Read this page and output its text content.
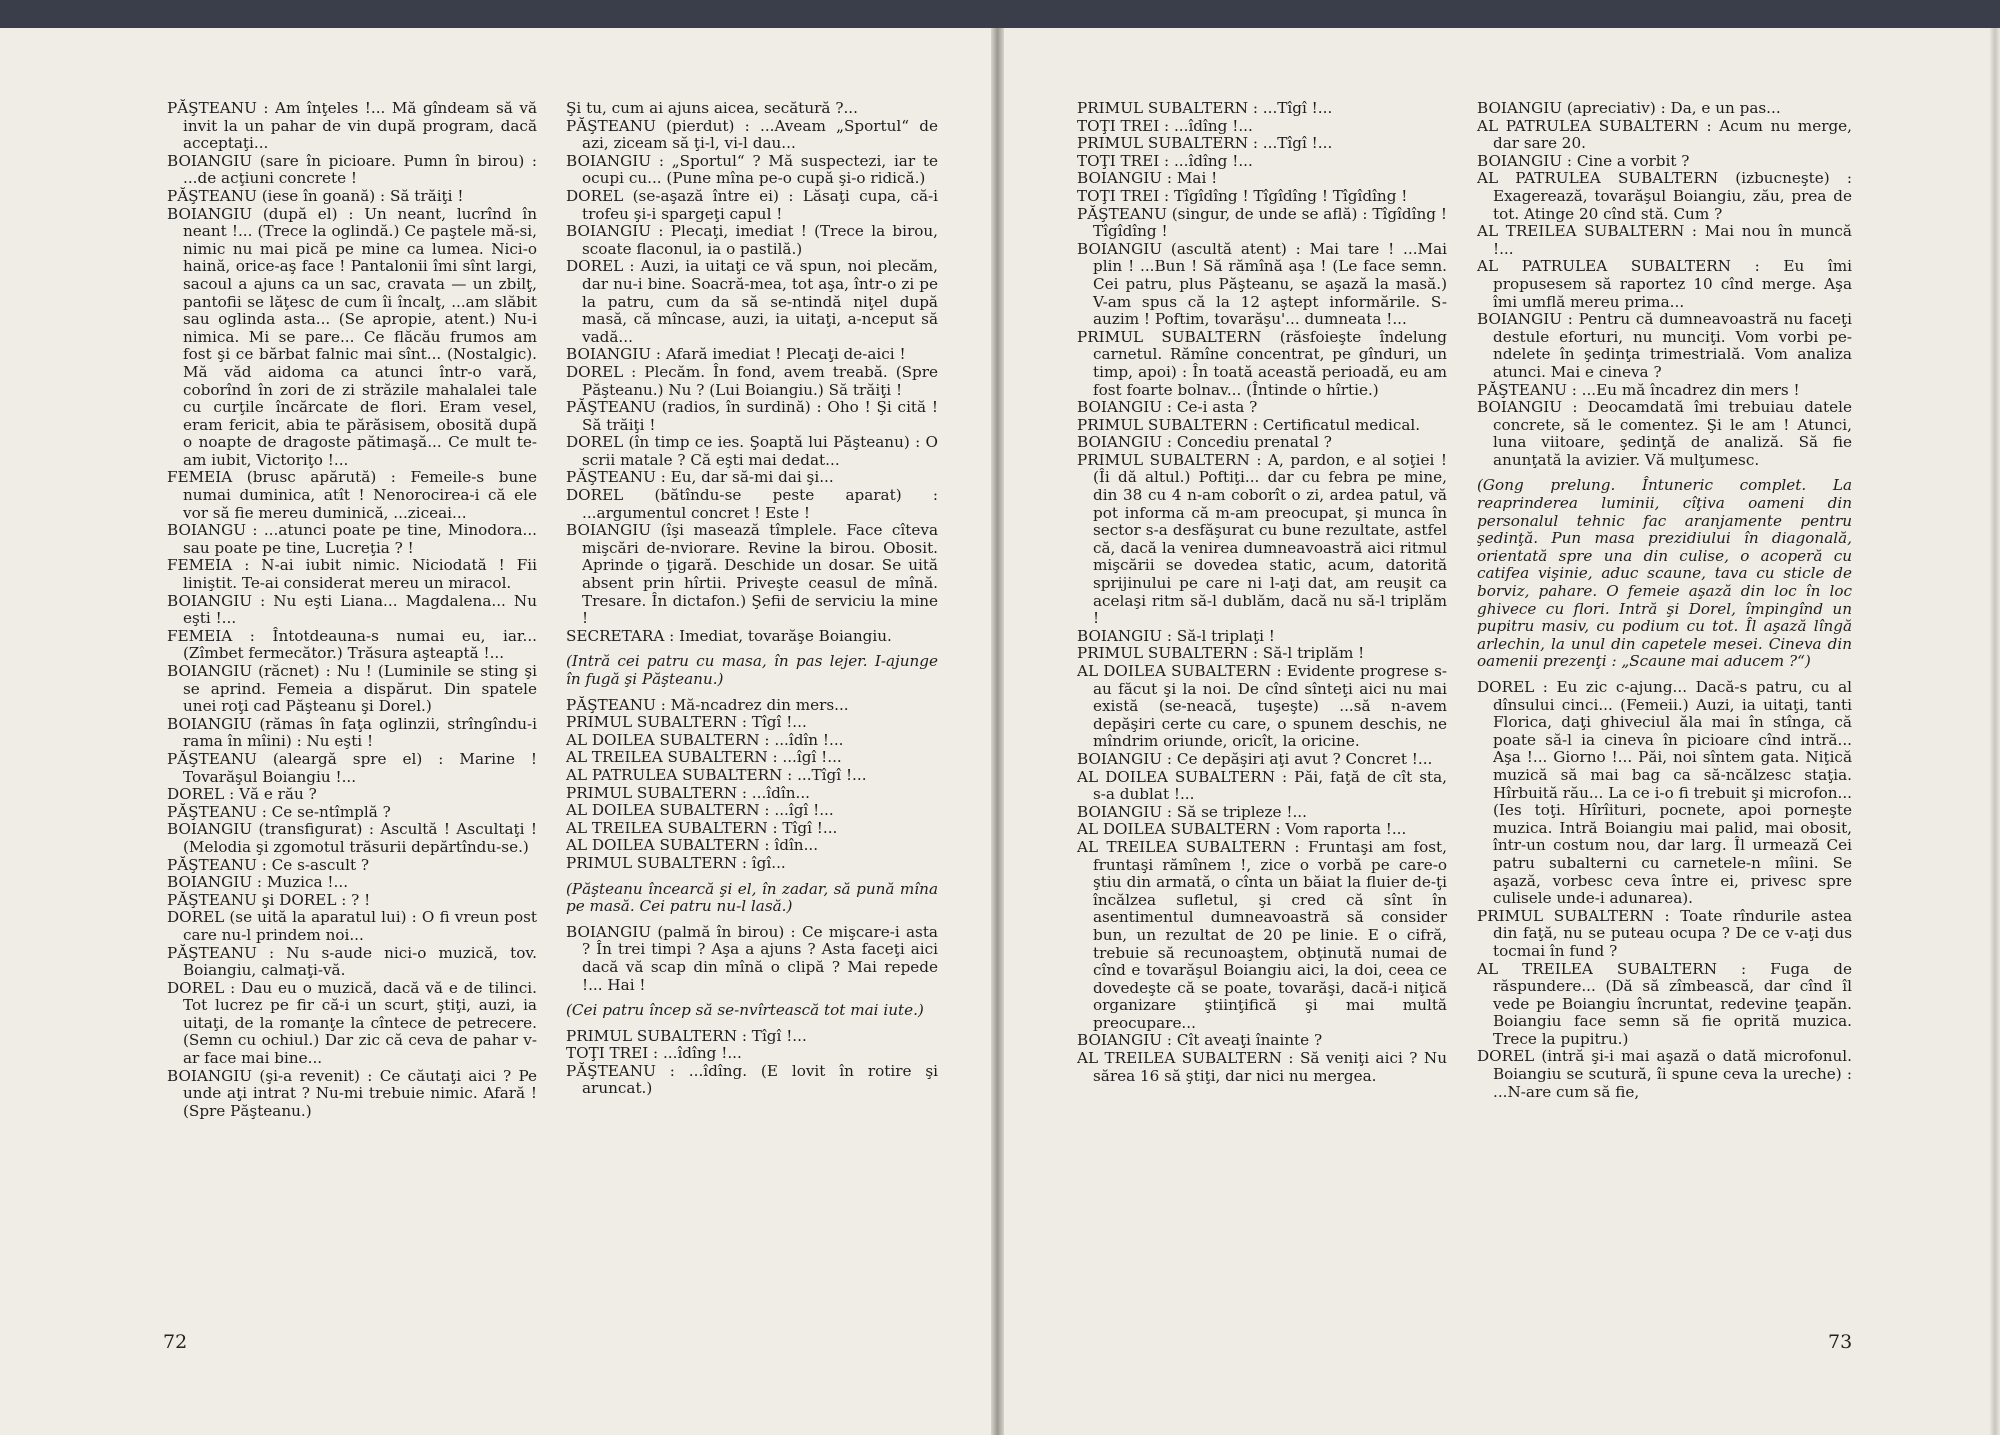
PĂŞTEANU : Am înţeles !... Mă gîndeam să vă invit la un pahar de vin după program, dacă acceptaţi...

BOIANGIU (sare în picioare. Pumn în birou) : ...de acţiuni concrete !

PĂŞTEANU (iese în goană) : Să trăiţi !

BOIANGIU (după el) : Un neant, lucrînd în neant !... (Trece la oglindă.) Ce paştele mă-si, nimic nu mai pică pe mine ca lumea. Nici-o haină, orice-aş face ! Pantalonii îmi sînt largi, sacoul a ajuns ca un sac, cravata — un zbilţ, pantofii se lăţesc de cum îi încalţ, ...am slăbit sau oglinda asta... (Se apropie, atent.) Nu-i nimica. Mi se pare... Ce flăcău frumos am fost şi ce bărbat falnic mai sînt... (Nostalgic). Mă văd aidoma ca atunci într-o vară, coborînd în zori de zi străzile mahalalei tale cu curţile încărcate de flori. Eram vesel, eram fericit, abia te părăsisem, obosită după o noapte de dragoste pătimaşă... Ce mult te-am iubit, Victoriţo !...

FEMEIA (brusc apărută) : Femeile-s bune numai duminica, atît ! Nenorocirea-i că ele vor să fie mereu duminică, ...ziceai...

BOIANGU : ...atunci poate pe tine, Minodora... sau poate pe tine, Lucreţia ? !

FEMEIA : N-ai iubit nimic. Niciodată ! Fii liniştit. Te-ai considerat mereu un miracol.

BOIANGIU : Nu eşti Liana... Magdalena... Nu eşti !...

FEMEIA : Întotdeauna-s numai eu, iar... (Zîmbet fermecător.) Trăsura aşteaptă !...

BOIANGIU (răcnet) : Nu ! (Luminile se sting şi se aprind. Femeia a dispărut. Din spatele unei roţi cad Păşteanu şi Dorel.)

BOIANGIU (rămas în faţa oglinzii, strîngîndu-i rama în mîini) : Nu eşti !

PĂŞTEANU (aleargă spre el) : Marine ! Tovarăşul Boiangiu !...

DOREL : Vă e rău ?

PĂŞTEANU : Ce se-ntîmplă ?

BOIANGIU (transfigurat) : Ascultă ! Ascultaţi ! (Melodia şi zgomotul trăsurii depărtîndu-se.)

PĂŞTEANU : Ce s-ascult ?

BOIANGIU : Muzica !...

PĂŞTEANU şi DOREL : ? !

DOREL (se uită la aparatul lui) : O fi vreun post care nu-l prindem noi...

PĂŞTEANU : Nu s-aude nici-o muzică, tov. Boiangiu, calmaţi-vă.

DOREL : Dau eu o muzică, dacă vă e de tilinci. Tot lucrez pe fir că-i un scurt, ştiţi, auzi, ia uitaţi, de la romanţe la cîntece de petrecere. (Semn cu ochiul.) Dar zic că ceva de pahar v-ar face mai bine...

BOIANGIU (şi-a revenit) : Ce căutaţi aici ? Pe unde aţi intrat ? Nu-mi trebuie nimic. Afară ! (Spre Păşteanu.)

Şi tu, cum ai ajuns aicea, secătură ?...

PĂŞTEANU (pierdut) : ...Aveam „Sportul“ de azi, ziceam să ţi-l, vi-l dau...

BOIANGIU : „Sportul“ ? Mă suspectezi, iar te ocupi cu... (Pune mîna pe-o cupă şi-o ridică.)

DOREL (se-aşază între ei) : Lăsaţi cupa, că-i trofeu şi-i spargeţi capul !

BOIANGIU : Plecaţi, imediat ! (Trece la birou, scoate flaconul, ia o pastilă.)

DOREL : Auzi, ia uitaţi ce vă spun, noi plecăm, dar nu-i bine. Soacră-mea, tot aşa, într-o zi pe la patru, cum da să se-ntindă niţel după masă, că mîncase, auzi, ia uitaţi, a-nceput să vadă...

BOIANGIU : Afară imediat ! Plecaţi de-aici !

DOREL : Plecăm. În fond, avem treabă. (Spre Păşteanu.) Nu ? (Lui Boiangiu.) Să trăiţi !

PĂŞTEANU (radios, în surdină) : Oho ! Şi cită ! Să trăiţi !

DOREL (în timp ce ies. Şoaptă lui Păşteanu) : O scrii matale ? Că eşti mai dedat...

PĂŞTEANU : Eu, dar să-mi dai şi...

DOREL (bătîndu-se peste aparat) : ...argumentul concret ! Este !

BOIANGIU (îşi masează tîmplele. Face cîteva mişcări de-nviorare. Revine la birou. Obosit. Aprinde o ţigară. Deschide un dosar. Se uită absent prin hîrtii. Priveşte ceasul de mînă. Tresare. În dictafon.) Şefii de serviciu la mine !

SECRETARA : Imediat, tovarăşe Boiangiu.

(Intră cei patru cu masa, în pas lejer. I-ajunge în fugă şi Păşteanu.)

PĂŞTEANU : Mă-ncadrez din mers...

PRIMUL SUBALTERN : Tîgî !...

AL DOILEA SUBALTERN : ...îdîn !...

AL TREILEA SUBALTERN : ...îgî !...

AL PATRULEA SUBALTERN : ...Tîgî !...

PRIMUL SUBALTERN : ...îdîn...

AL DOILEA SUBALTERN : ...îgî !...

AL TREILEA SUBALTERN : Tîgî !...

AL DOILEA SUBALTERN : îdîn...

PRIMUL SUBALTERN : îgî...

(Păşteanu încearcă şi el, în zadar, să pună mîna pe masă. Cei patru nu-l lasă.)

BOIANGIU (palmă în birou) : Ce mişcare-i asta ? În trei timpi ? Aşa a ajuns ? Asta faceţi aici dacă vă scap din mînă o clipă ? Mai repede !... Hai !

(Cei patru încep să se-nvîrtească tot mai iute.)

PRIMUL SUBALTERN : Tîgî !...

TOŢI TREI : ...îdîng !...

PĂŞTEANU : ...îdîng. (E lovit în rotire şi aruncat.)

72

PRIMUL SUBALTERN : ...Tîgî !...

TOŢI TREI : ...îdîng !...

PRIMUL SUBALTERN : ...Tîgî !...

TOŢI TREI : ...îdîng !...

BOIANGIU : Mai !

TOŢI TREI : Tîgîdîng ! Tîgîdîng ! Tîgîdîng !

PĂŞTEANU (singur, de unde se află) : Tîgîdîng ! Tîgîdîng !

BOIANGIU (ascultă atent) : Mai tare ! ...Mai plin ! ...Bun ! Să rămînă aşa ! (Le face semn. Cei patru, plus Păşteanu, se aşază la masă.) V-am spus că la 12 aştept informările. S-auzim ! Poftim, tovarăşu'... dumneata !...

PRIMUL SUBALTERN (răsfoieşte îndelung carnetul. Rămîne concentrat, pe gînduri, un timp, apoi) : În toată această perioadă, eu am fost foarte bolnav... (Întinde o hîrtie.)

BOIANGIU : Ce-i asta ?

PRIMUL SUBALTERN : Certificatul medical.

BOIANGIU : Concediu prenatal ?

PRIMUL SUBALTERN : A, pardon, e al soţiei ! (Îi dă altul.) Poftiţi... dar cu febra pe mine, din 38 cu 4 n-am coborît o zi, ardea patul, vă pot informa că m-am preocupat, şi munca în sector s-a desfăşurat cu bune rezultate, astfel că, dacă la venirea dumneavoastră aici ritmul mişcării se dovedea static, acum, datorită sprijinului pe care ni l-aţi dat, am reuşit ca acelaşi ritm să-l dublăm, dacă nu să-l triplăm !

BOIANGIU : Să-l triplaţi !

PRIMUL SUBALTERN : Să-l triplăm !

AL DOILEA SUBALTERN : Evidente progrese s-au făcut şi la noi. De cînd sînteţi aici nu mai există (se-neacă, tuşeşte) ...să n-avem depăşiri certe cu care, o spunem deschis, ne mîndrim oriunde, oricît, la oricine.

BOIANGIU : Ce depăşiri aţi avut ? Concret !...

AL DOILEA SUBALTERN : Păi, faţă de cît sta, s-a dublat !...

BOIANGIU : Să se tripleze !...

AL DOILEA SUBALTERN : Vom raporta !...

AL TREILEA SUBALTERN : Fruntaşi am fost, fruntaşi rămînem !, zice o vorbă pe care-o ştiu din armată, o cînta un băiat la fluier de-ţi încălzea sufletul, şi cred că sînt în asentimentul dumneavoastră să consider bun, un rezultat de 20 pe linie. E o cifră, trebuie să recunoaştem, obţinută numai de cînd e tovarăşul Boiangiu aici, la doi, ceea ce dovedeşte că se poate, tovarăşi, dacă-i niţică organizare ştiinţifică şi mai multă preocupare...

BOIANGIU : Cît aveaţi înainte ?

AL TREILEA SUBALTERN : Să veniţi aici ? Nu sărea 16 să ştiţi, dar nici nu mergea.

BOIANGIU (apreciativ) : Da, e un pas...

AL PATRULEA SUBALTERN : Acum nu merge, dar sare 20.

BOIANGIU : Cine a vorbit ?

AL PATRULEA SUBALTERN (izbucneşte) : Exagerează, tovarăşul Boiangiu, zău, prea de tot. Atinge 20 cînd stă. Cum ?

AL TREILEA SUBALTERN : Mai nou în muncă !...

AL PATRULEA SUBALTERN : Eu îmi propusesem să raportez 10 cînd merge. Aşa îmi umflă mereu prima...

BOIANGIU : Pentru că dumneavoastră nu faceţi destule eforturi, nu munciţi. Vom vorbi pe-ndelete în şedinţa trimestrială. Vom analiza atunci. Mai e cineva ?

PĂŞTEANU : ...Eu mă încadrez din mers !

BOIANGIU : Deocamdată îmi trebuiau datele concrete, să le comentez. Şi le am ! Atunci, luna viitoare, şedinţă de analiză. Să fie anunţată la avizier. Vă mulţumesc.

(Gong prelung. Întuneric complet. La reaprinderea luminii, cîţiva oameni din personalul tehnic fac aranjamente pentru şedinţă. Pun masa prezidiului în diagonală, orientată spre una din culise, o acoperă cu catifea vişinie, aduc scaune, tava cu sticle de borviz, pahare. O femeie aşază din loc în loc ghivece cu flori. Intră şi Dorel, împingînd un pupitru masiv, cu podium cu tot. Îl aşază lîngă arlechin, la unul din capetele mesei. Cineva din oamenii prezenţi : „Scaune mai aducem ?“)

DOREL : Eu zic c-ajung... Dacă-s patru, cu al dînsului cinci... (Femeii.) Auzi, ia uitaţi, tanti Florica, daţi ghiveciul ăla mai în stînga, că poate să-l ia cineva în picioare cînd intră... Aşa !... Giorno !... Păi, noi sîntem gata. Niţică muzică să mai bag ca să-ncălzesc staţia. Hîrbuită rău... La ce i-o fi trebuit şi microfon... (Ies toţi. Hîrîituri, pocnete, apoi porneşte muzica. Intră Boiangiu mai palid, mai obosit, într-un costum nou, dar larg. Îl urmează Cei patru subalterni cu carnetele-n mîini. Se aşază, vorbesc ceva între ei, privesc spre culisele unde-i adunarea).

PRIMUL SUBALTERN : Toate rîndurile astea din faţă, nu se puteau ocupa ? De ce v-aţi dus tocmai în fund ?

AL TREILEA SUBALTERN : Fuga de răspundere... (Dă să zîmbească, dar cînd îl vede pe Boiangiu încruntat, redevine ţeapăn. Boiangiu face semn să fie oprită muzica. Trece la pupitru.)

DOREL (intră şi-i mai aşază o dată microfonul. Boiangiu se scutură, îi spune ceva la ureche) : ...N-are cum să fie,

73
